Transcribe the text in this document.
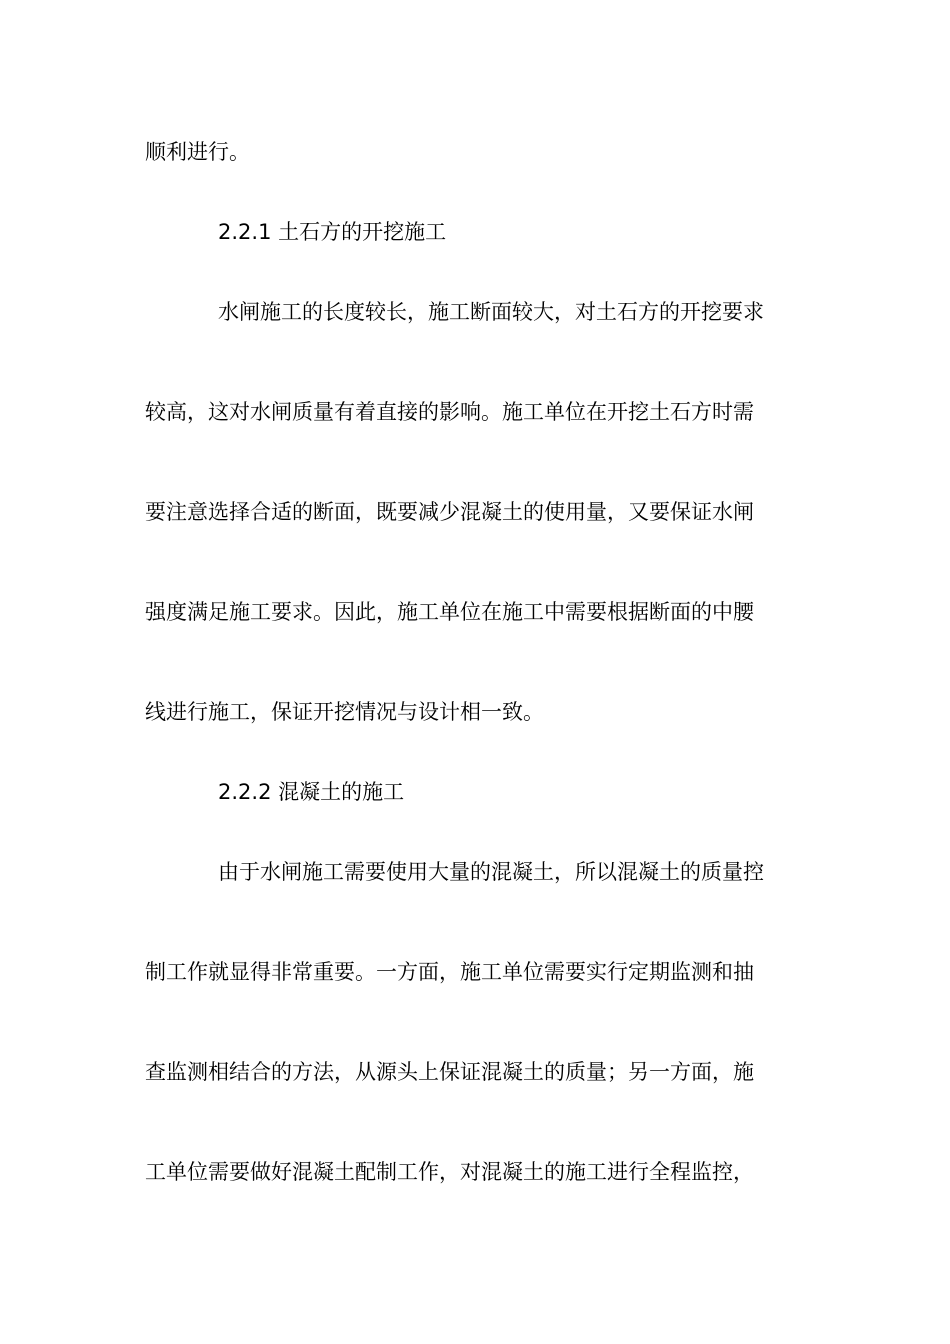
顺利进行。
2.2.1 土石方的开挖施工
水闸施工的长度较长，施工断面较大，对土石方的开挖要求
较高，这对水闸质量有着直接的影响。施工单位在开挖土石方时需
要注意选择合适的断面，既要减少混凝土的使用量，又要保证水闸
强度满足施工要求。因此，施工单位在施工中需要根据断面的中腰
线进行施工，保证开挖情况与设计相一致。
2.2.2 混凝土的施工
由于水闸施工需要使用大量的混凝土，所以混凝土的质量控
制工作就显得非常重要。一方面，施工单位需要实行定期监测和抽
查监测相结合的方法，从源头上保证混凝土的质量；另一方面，施
工单位需要做好混凝土配制工作，对混凝土的施工进行全程监控，
